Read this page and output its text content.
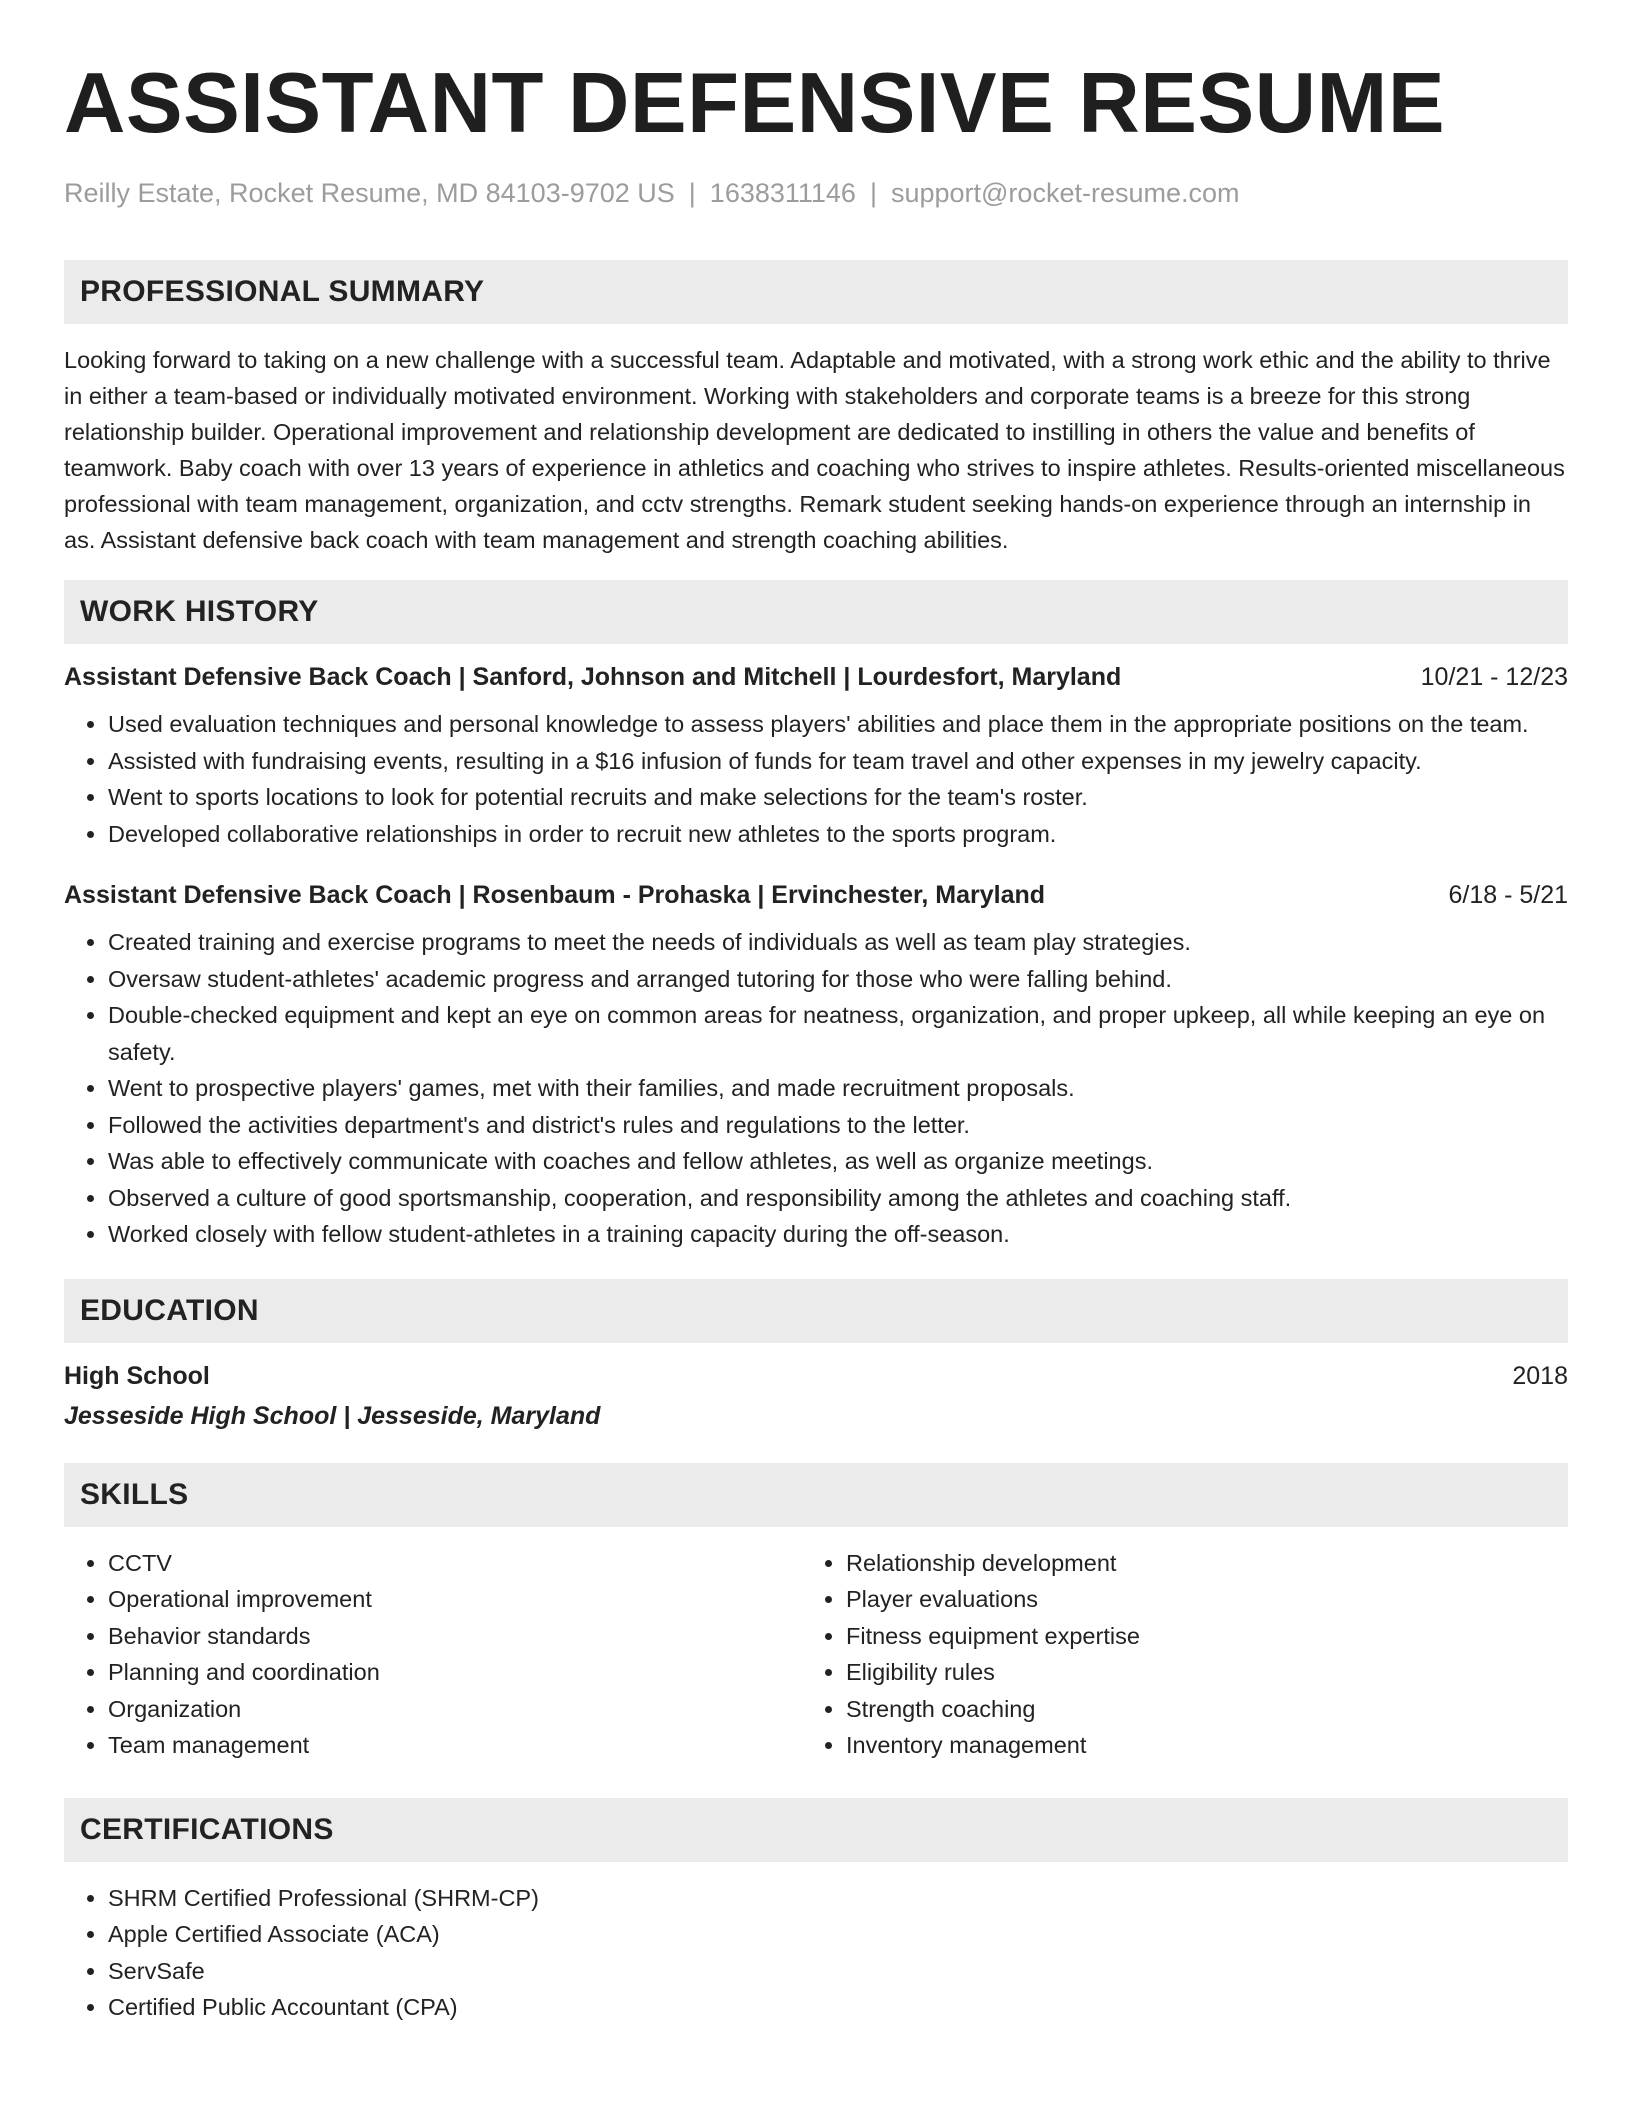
ASSISTANT DEFENSIVE RESUME
Reilly Estate, Rocket Resume, MD 84103-9702 US | 1638311146 | support@rocket-resume.com
PROFESSIONAL SUMMARY

Looking forward to taking on a new challenge with a successful team. Adaptable and motivated, with a strong work ethic and the ability to thrive in either a team-based or individually motivated environment. Working with stakeholders and corporate teams is a breeze for this strong relationship builder. Operational improvement and relationship development are dedicated to instilling in others the value and benefits of teamwork. Baby coach with over 13 years of experience in athletics and coaching who strives to inspire athletes. Results-oriented miscellaneous professional with team management, organization, and cctv strengths. Remark student seeking hands-on experience through an internship in as. Assistant defensive back coach with team management and strength coaching abilities.

WORK HISTORY
Assistant Defensive Back Coach | Sanford, Johnson and Mitchell | Lourdesfort, Maryland	10/21 - 12/23
• Used evaluation techniques and personal knowledge to assess players' abilities and place them in the appropriate positions on the team.
• Assisted with fundraising events, resulting in a $16 infusion of funds for team travel and other expenses in my jewelry capacity.
• Went to sports locations to look for potential recruits and make selections for the team's roster.
• Developed collaborative relationships in order to recruit new athletes to the sports program.
Assistant Defensive Back Coach | Rosenbaum - Prohaska | Ervinchester, Maryland	6/18 - 5/21
• Created training and exercise programs to meet the needs of individuals as well as team play strategies.
• Oversaw student-athletes' academic progress and arranged tutoring for those who were falling behind.
• Double-checked equipment and kept an eye on common areas for neatness, organization, and proper upkeep, all while keeping an eye on safety.
• Went to prospective players' games, met with their families, and made recruitment proposals.
• Followed the activities department's and district's rules and regulations to the letter.
• Was able to effectively communicate with coaches and fellow athletes, as well as organize meetings.
• Observed a culture of good sportsmanship, cooperation, and responsibility among the athletes and coaching staff.
• Worked closely with fellow student-athletes in a training capacity during the off-season.
EDUCATION
High School	2018
Jesseside High School | Jesseside, Maryland
SKILLS
• CCTV
• Operational improvement
• Behavior standards
• Planning and coordination
• Organization
• Team management
• Relationship development
• Player evaluations
• Fitness equipment expertise
• Eligibility rules
• Strength coaching
• Inventory management
CERTIFICATIONS
• SHRM Certified Professional (SHRM-CP)
• Apple Certified Associate (ACA)
• ServSafe
• Certified Public Accountant (CPA)
